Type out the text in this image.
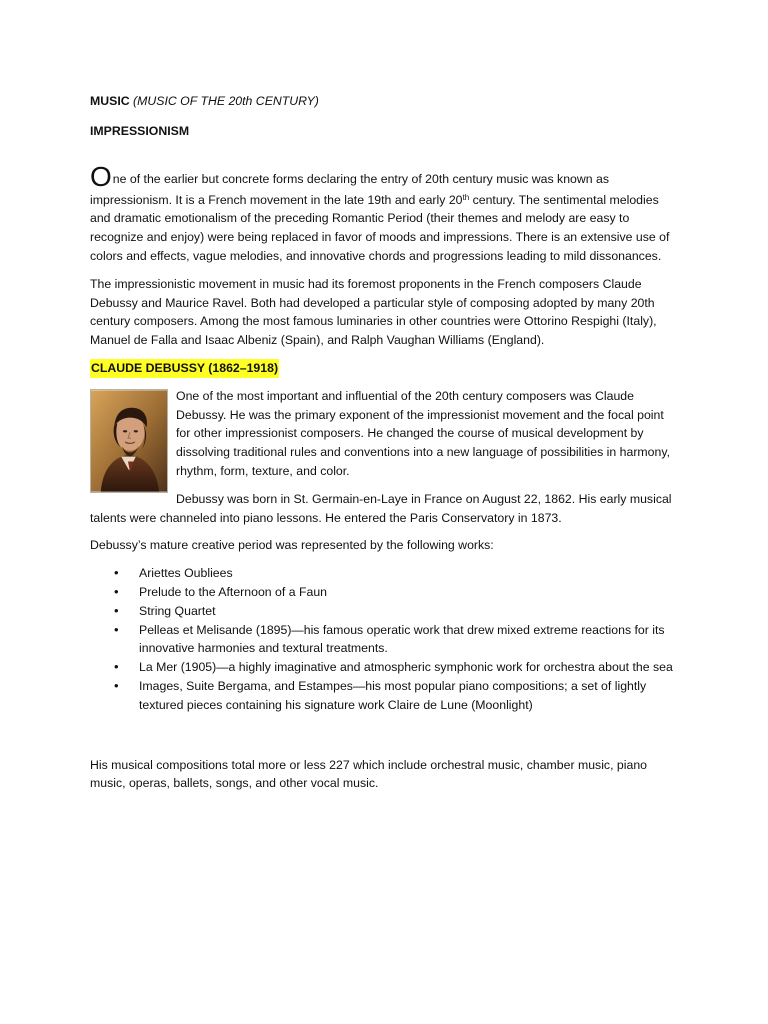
MUSIC (MUSIC OF THE 20th CENTURY)

IMPRESSIONISM

One of the earlier but concrete forms declaring the entry of 20th century music was known as impressionism. It is a French movement in the late 19th and early 20th century. The sentimental melodies and dramatic emotionalism of the preceding Romantic Period (their themes and melody are easy to recognize and enjoy) were being replaced in favor of moods and impressions. There is an extensive use of colors and effects, vague melodies, and innovative chords and progressions leading to mild dissonances.

The impressionistic movement in music had its foremost proponents in the French composers Claude Debussy and Maurice Ravel. Both had developed a particular style of composing adopted by many 20th century composers. Among the most famous luminaries in other countries were Ottorino Respighi (Italy), Manuel de Falla and Isaac Albeniz (Spain), and Ralph Vaughan Williams (England).

CLAUDE DEBUSSY (1862–1918)

One of the most important and influential of the 20th century composers was Claude Debussy. He was the primary exponent of the impressionist movement and the focal point for other impressionist composers. He changed the course of musical development by dissolving traditional rules and conventions into a new language of possibilities in harmony, rhythm, form, texture, and color.

Debussy was born in St. Germain-en-Laye in France on August 22, 1862. His early musical talents were channeled into piano lessons. He entered the Paris Conservatory in 1873.

Debussy’s mature creative period was represented by the following works:

• Ariettes Oubliees
• Prelude to the Afternoon of a Faun
• String Quartet
• Pelleas et Melisande (1895)—his famous operatic work that drew mixed extreme reactions for its innovative harmonies and textural treatments.
• La Mer (1905)—a highly imaginative and atmospheric symphonic work for orchestra about the sea
• Images, Suite Bergama, and Estampes—his most popular piano compositions; a set of lightly textured pieces containing his signature work Claire de Lune (Moonlight)

His musical compositions total more or less 227 which include orchestral music, chamber music, piano music, operas, ballets, songs, and other vocal music.
